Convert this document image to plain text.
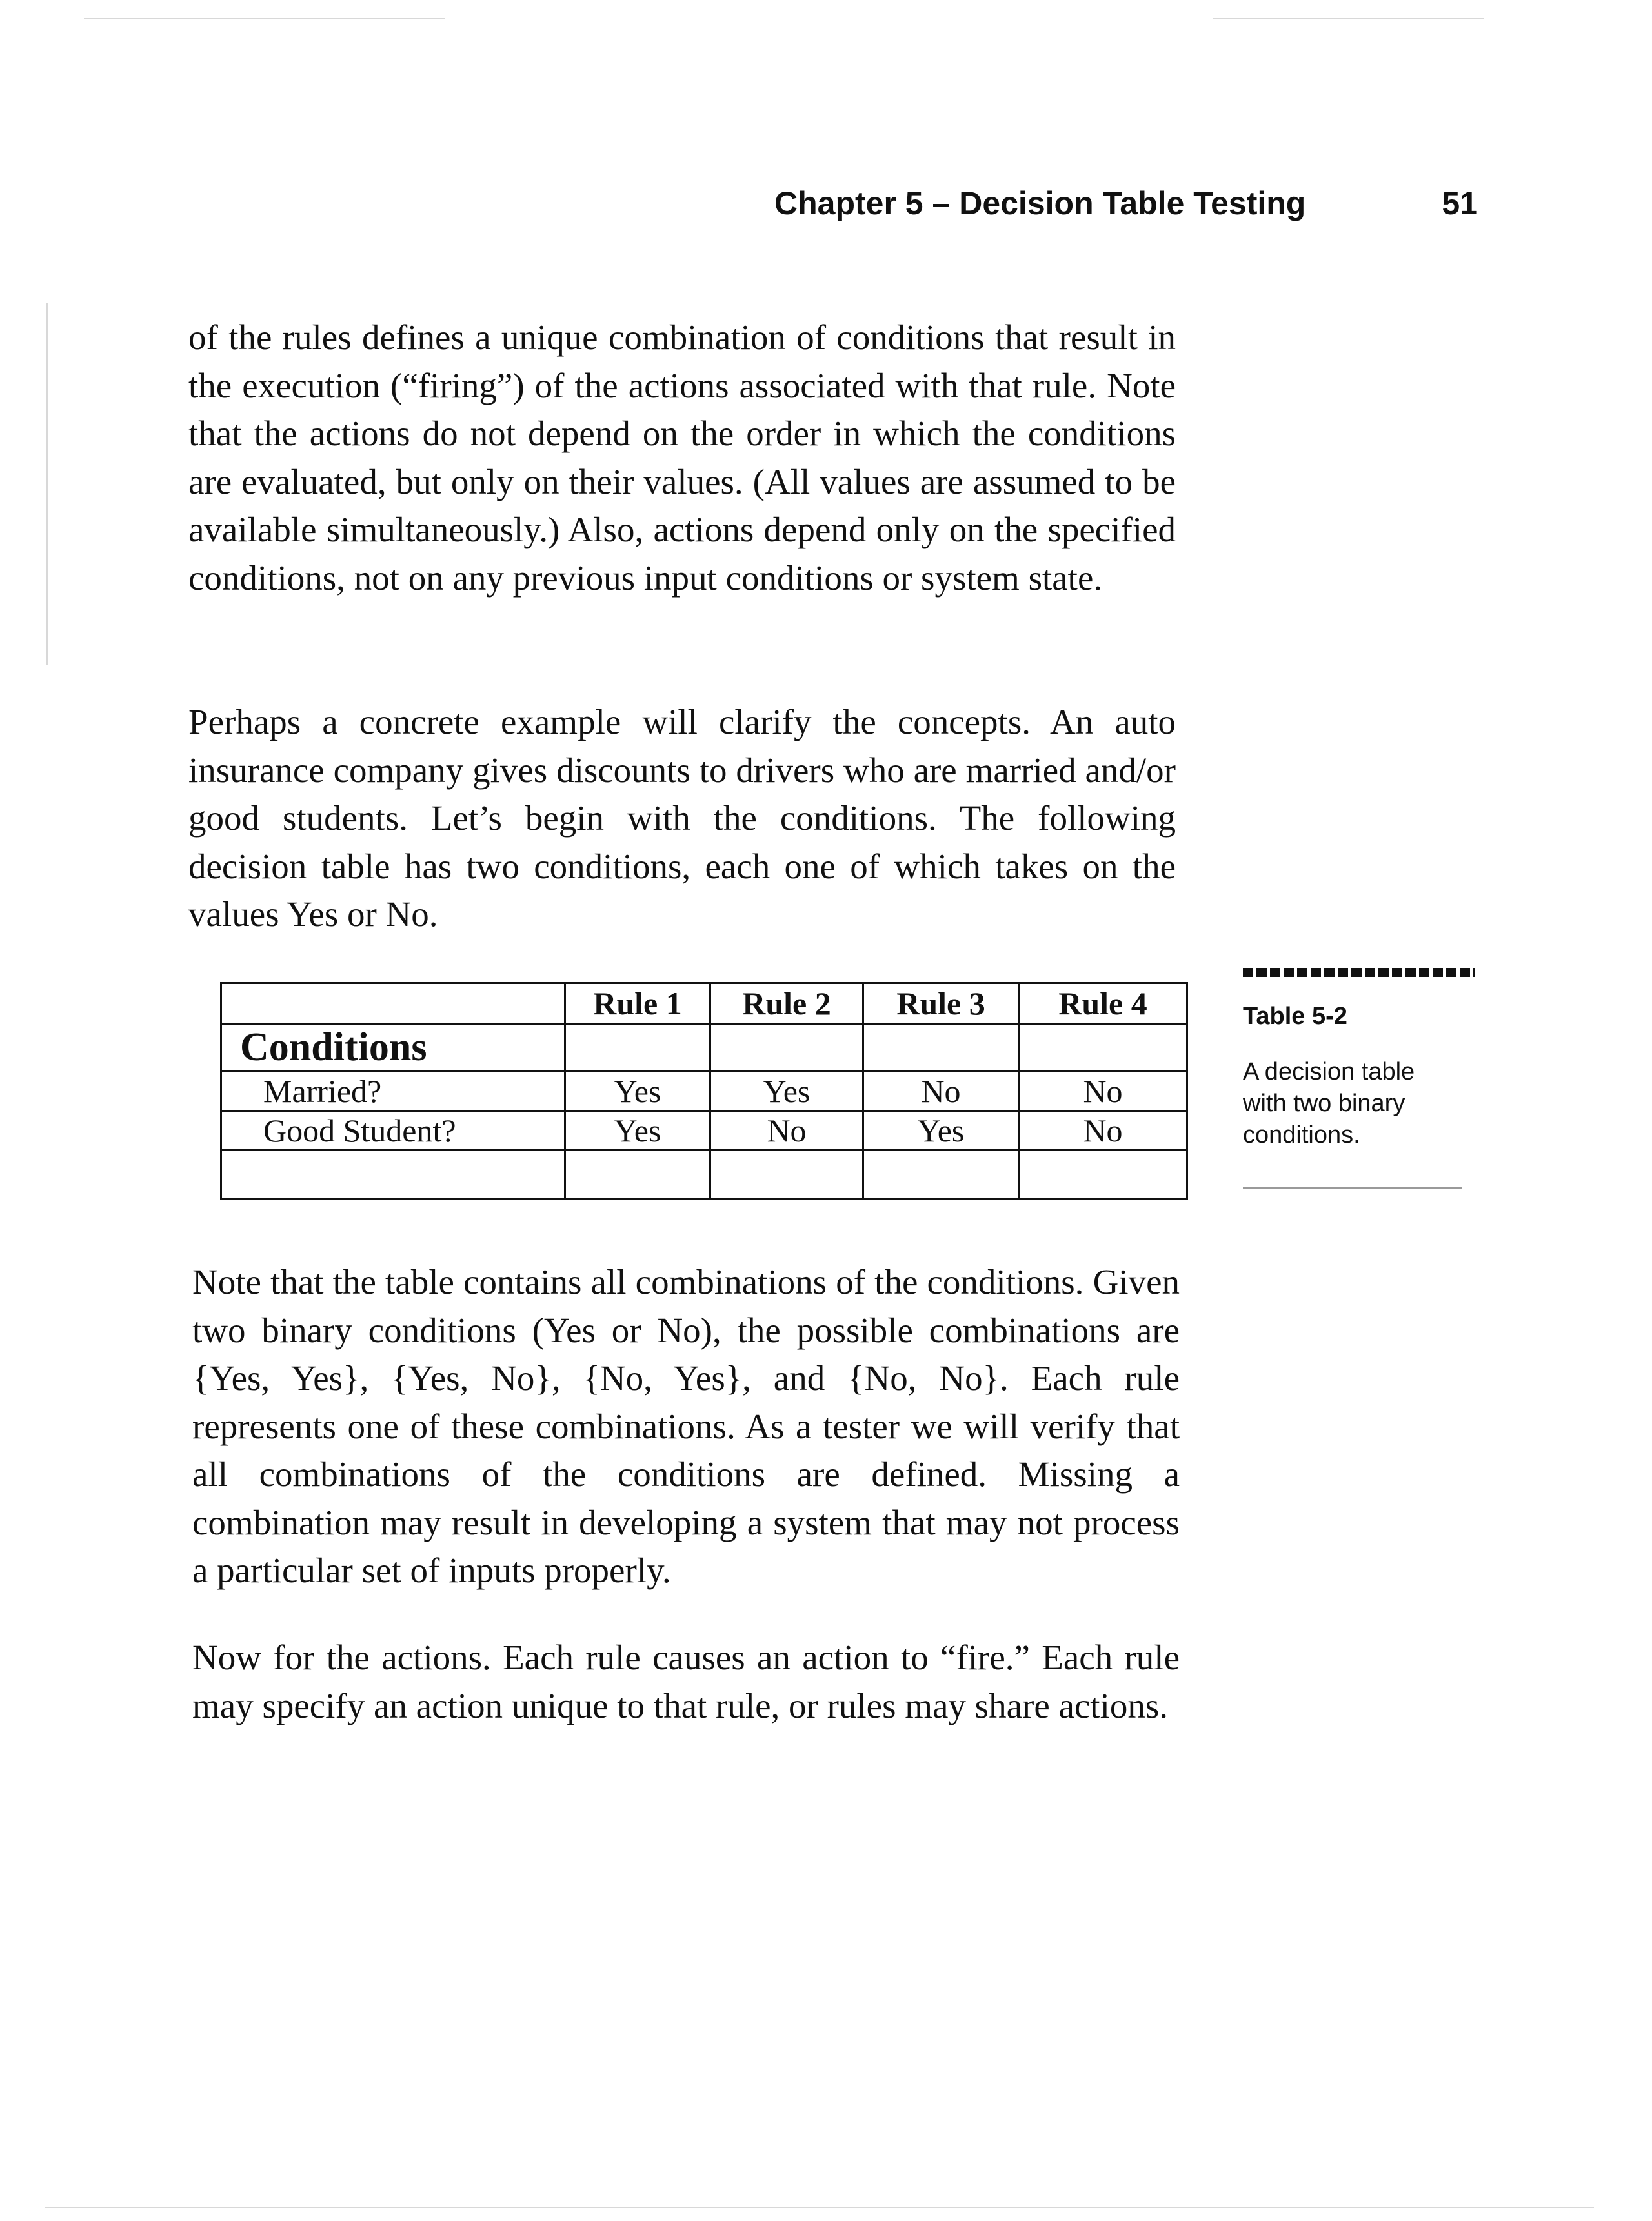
Chapter 5 – Decision Table Testing	51

of the rules defines a unique combination of conditions that result in the execution (“firing”) of the actions associated with that rule. Note that the actions do not depend on the order in which the conditions are evaluated, but only on their values. (All values are assumed to be available simultaneously.) Also, actions depend only on the specified conditions, not on any previous input conditions or system state.

Perhaps a concrete example will clarify the concepts. An auto insurance company gives discounts to drivers who are married and/or good students. Let’s begin with the conditions. The following decision table has two conditions, each one of which takes on the values Yes or No.

	Rule 1	Rule 2	Rule 3	Rule 4
Conditions				
Married?	Yes	Yes	No	No
Good Student?	Yes	No	Yes	No

Table 5-2
A decision table with two binary conditions.

Note that the table contains all combinations of the conditions. Given two binary conditions (Yes or No), the possible combinations are {Yes, Yes}, {Yes, No}, {No, Yes}, and {No, No}. Each rule represents one of these combinations. As a tester we will verify that all combinations of the conditions are defined. Missing a combination may result in developing a system that may not process a particular set of inputs properly.

Now for the actions. Each rule causes an action to “fire.” Each rule may specify an action unique to that rule, or rules may share actions.
